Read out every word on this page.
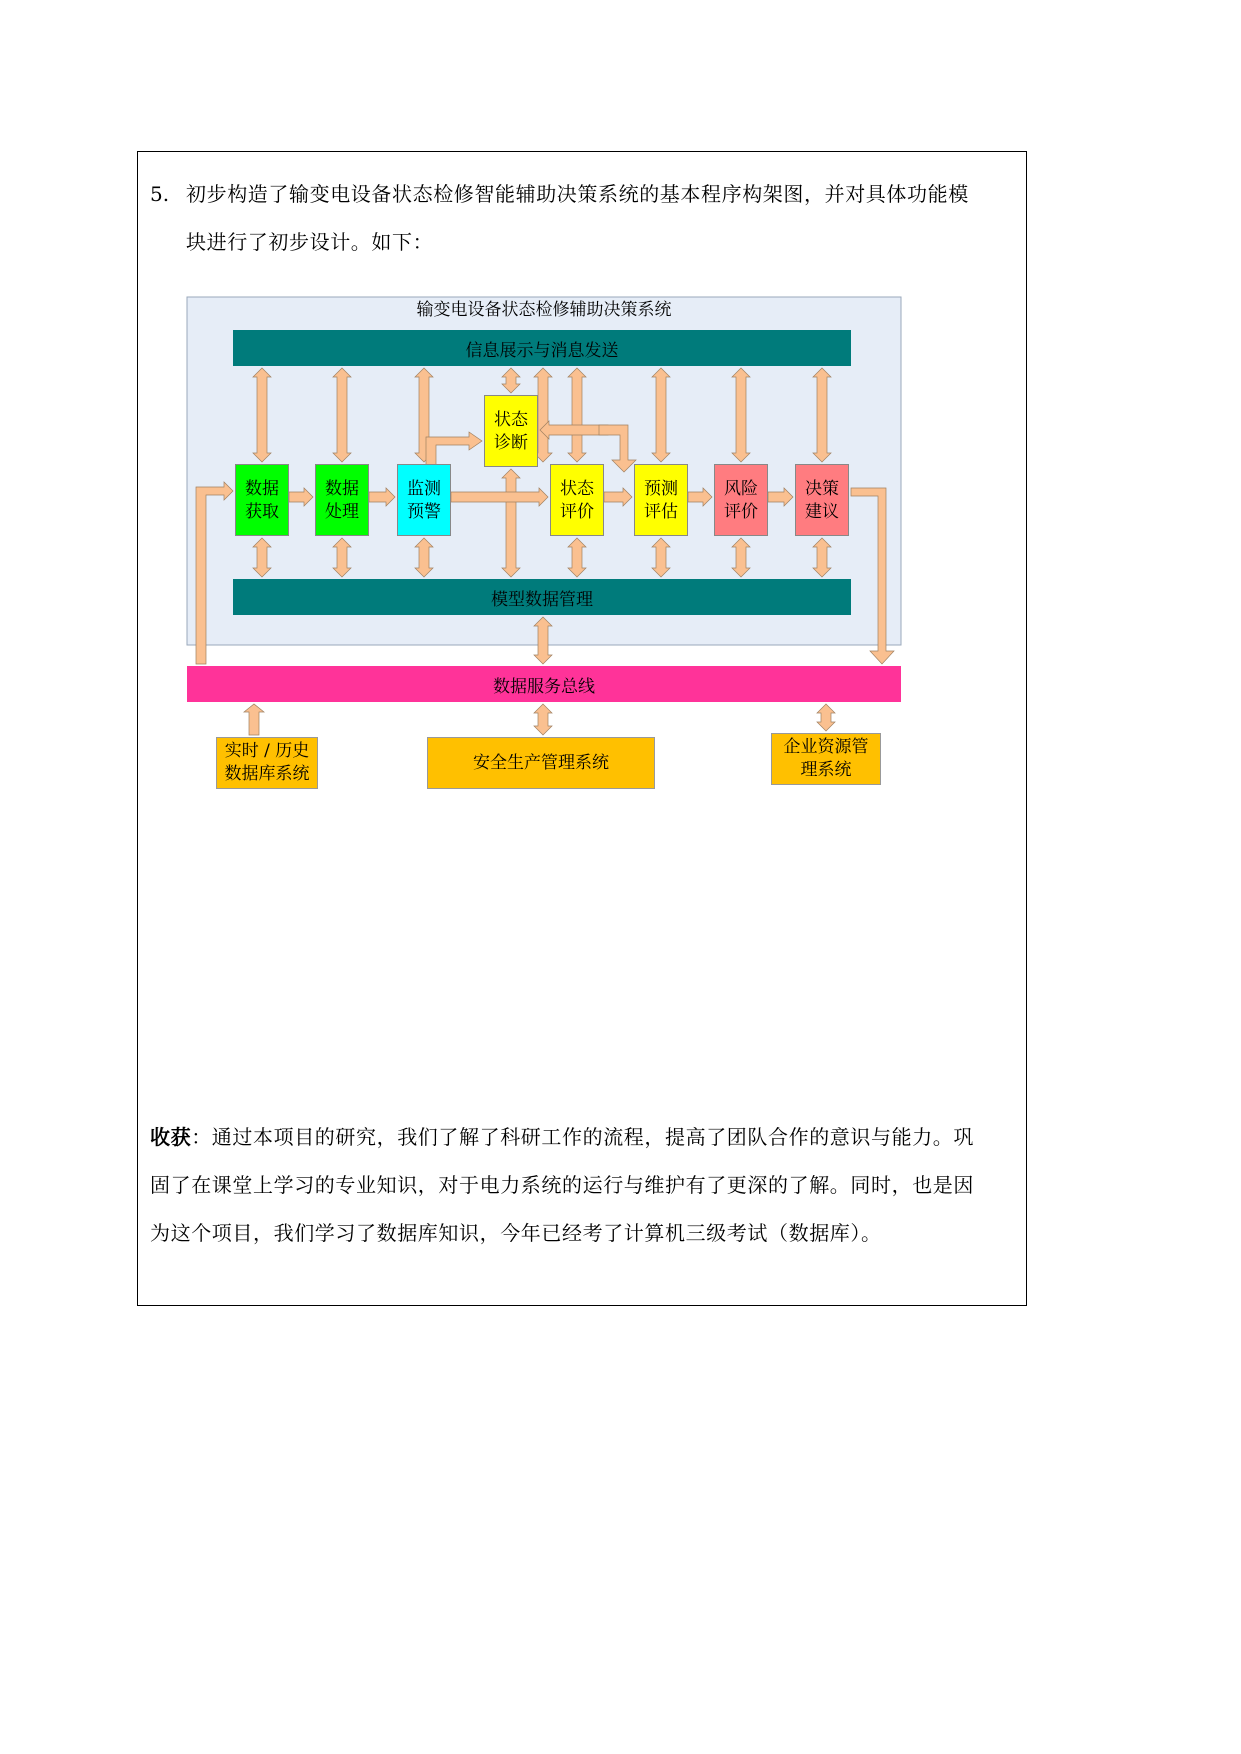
5. 初步构造了输变电设备状态检修智能辅助决策系统的基本程序构架图，并对具体功能模
块进行了初步设计。如下：
输变电设备状态检修辅助决策系统
信息展示与消息发送
模型数据管理
数据服务总线
数据
获取
数据
处理
监测
预警
状态
诊断
状态
评价
预测
评估
风险
评价
决策
建议
实时 / 历史
数据库系统
安全生产管理系统
企业资源管
理系统
收获：通过本项目的研究，我们了解了科研工作的流程，提高了团队合作的意识与能力。巩
固了在课堂上学习的专业知识，对于电力系统的运行与维护有了更深的了解。同时，也是因
为这个项目，我们学习了数据库知识，今年已经考了计算机三级考试（数据库）。
